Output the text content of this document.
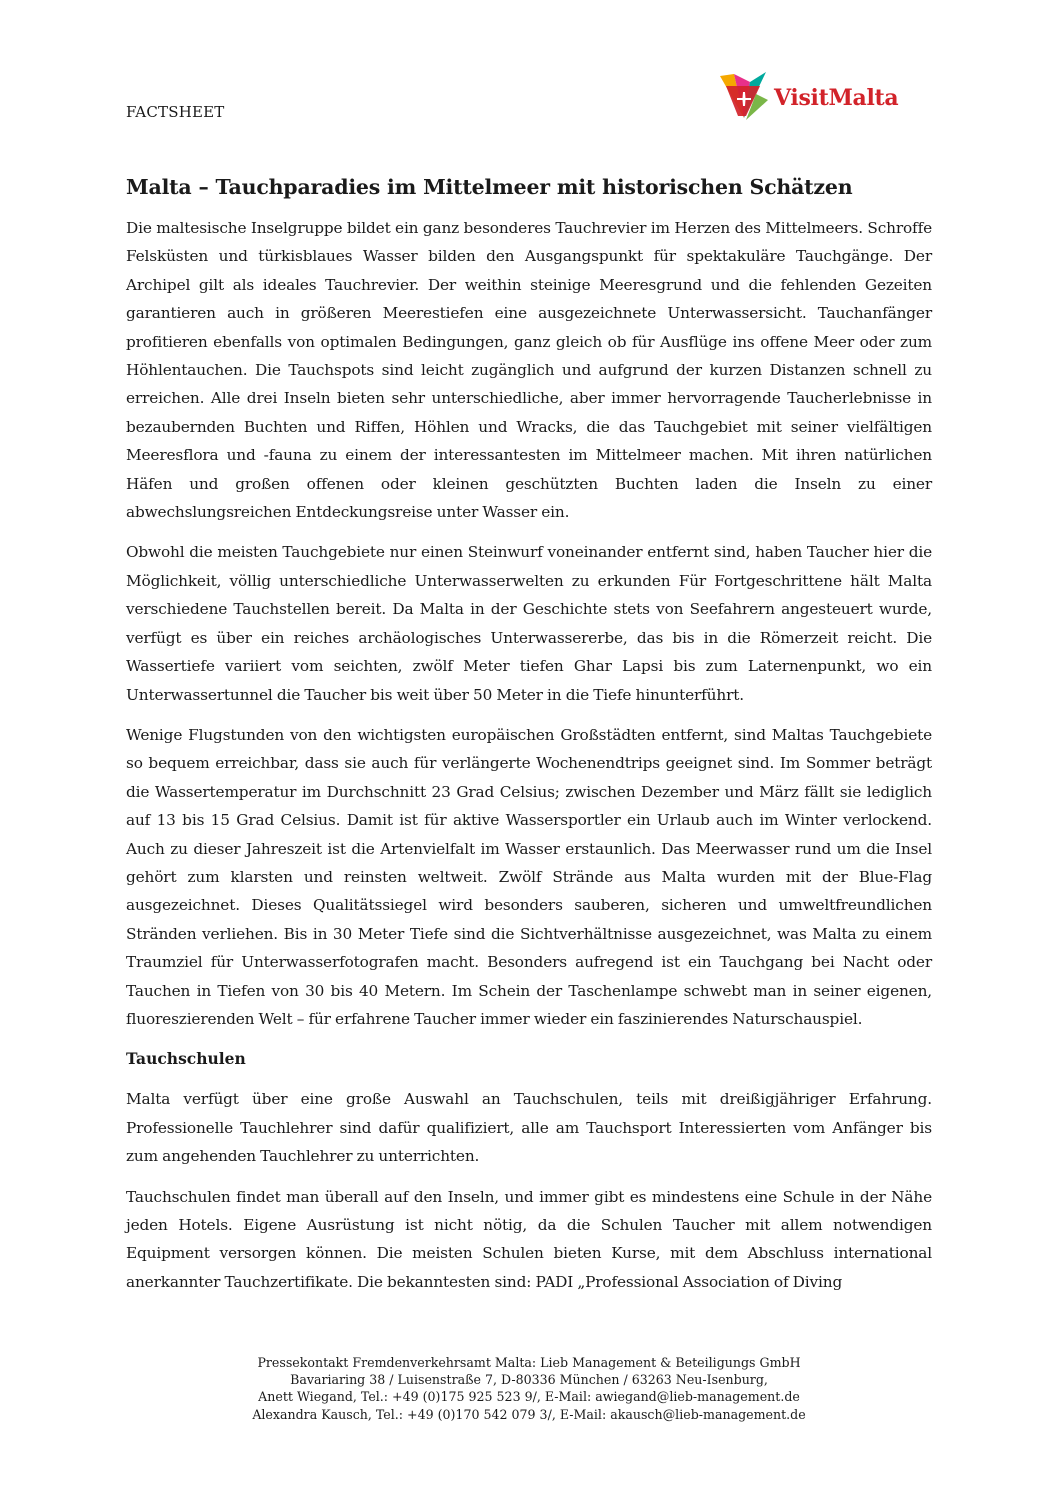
FACTSHEET
VisitMalta
Malta – Tauchparadies im Mittelmeer mit historischen Schätzen

Die maltesische Inselgruppe bildet ein ganz besonderes Tauchrevier im Herzen des Mittelmeers. Schroffe Felsküsten und türkisblaues Wasser bilden den Ausgangspunkt für spektakuläre Tauchgänge. Der Archipel gilt als ideales Tauchrevier. Der weithin steinige Meeresgrund und die fehlenden Gezeiten garantieren auch in größeren Meerestiefen eine ausgezeichnete Unterwassersicht. Tauchanfänger profitieren ebenfalls von optimalen Bedingungen, ganz gleich ob für Ausflüge ins offene Meer oder zum Höhlentauchen. Die Tauchspots sind leicht zugänglich und aufgrund der kurzen Distanzen schnell zu erreichen. Alle drei Inseln bieten sehr unterschiedliche, aber immer hervorragende Taucherlebnisse in bezaubernden Buchten und Riffen, Höhlen und Wracks, die das Tauchgebiet mit seiner vielfältigen Meeresflora und -fauna zu einem der interessantesten im Mittelmeer machen. Mit ihren natürlichen Häfen und großen offenen oder kleinen geschützten Buchten laden die Inseln zu einer abwechslungsreichen Entdeckungsreise unter Wasser ein.

Obwohl die meisten Tauchgebiete nur einen Steinwurf voneinander entfernt sind, haben Taucher hier die Möglichkeit, völlig unterschiedliche Unterwasserwelten zu erkunden Für Fortgeschrittene hält Malta verschiedene Tauchstellen bereit. Da Malta in der Geschichte stets von Seefahrern angesteuert wurde, verfügt es über ein reiches archäologisches Unterwassererbe, das bis in die Römerzeit reicht. Die Wassertiefe variiert vom seichten, zwölf Meter tiefen Ghar Lapsi bis zum Laternenpunkt, wo ein Unterwassertunnel die Taucher bis weit über 50 Meter in die Tiefe hinunterführt.

Wenige Flugstunden von den wichtigsten europäischen Großstädten entfernt, sind Maltas Tauchgebiete so bequem erreichbar, dass sie auch für verlängerte Wochenendtrips geeignet sind. Im Sommer beträgt die Wassertemperatur im Durchschnitt 23 Grad Celsius; zwischen Dezember und März fällt sie lediglich auf 13 bis 15 Grad Celsius. Damit ist für aktive Wassersportler ein Urlaub auch im Winter verlockend. Auch zu dieser Jahreszeit ist die Artenvielfalt im Wasser erstaunlich. Das Meerwasser rund um die Insel gehört zum klarsten und reinsten weltweit. Zwölf Strände aus Malta wurden mit der Blue-Flag ausgezeichnet. Dieses Qualitätssiegel wird besonders sauberen, sicheren und umweltfreundlichen Stränden verliehen. Bis in 30 Meter Tiefe sind die Sichtverhältnisse ausgezeichnet, was Malta zu einem Traumziel für Unterwasserfotografen macht. Besonders aufregend ist ein Tauchgang bei Nacht oder Tauchen in Tiefen von 30 bis 40 Metern. Im Schein der Taschenlampe schwebt man in seiner eigenen, fluoreszierenden Welt – für erfahrene Taucher immer wieder ein faszinierendes Naturschauspiel.

Tauchschulen

Malta verfügt über eine große Auswahl an Tauchschulen, teils mit dreißigjähriger Erfahrung. Professionelle Tauchlehrer sind dafür qualifiziert, alle am Tauchsport Interessierten vom Anfänger bis zum angehenden Tauchlehrer zu unterrichten.

Tauchschulen findet man überall auf den Inseln, und immer gibt es mindestens eine Schule in der Nähe jeden Hotels. Eigene Ausrüstung ist nicht nötig, da die Schulen Taucher mit allem notwendigen Equipment versorgen können. Die meisten Schulen bieten Kurse, mit dem Abschluss international anerkannter Tauchzertifikate. Die bekanntesten sind: PADI „Professional Association of Diving

Pressekontakt Fremdenverkehrsamt Malta: Lieb Management & Beteiligungs GmbH
Bavariaring 38 / Luisenstraße 7, D-80336 München / 63263 Neu-Isenburg,
Anett Wiegand, Tel.: +49 (0)175 925 523 9/, E-Mail: awiegand@lieb-management.de
Alexandra Kausch, Tel.: +49 (0)170 542 079 3/, E-Mail: akausch@lieb-management.de
